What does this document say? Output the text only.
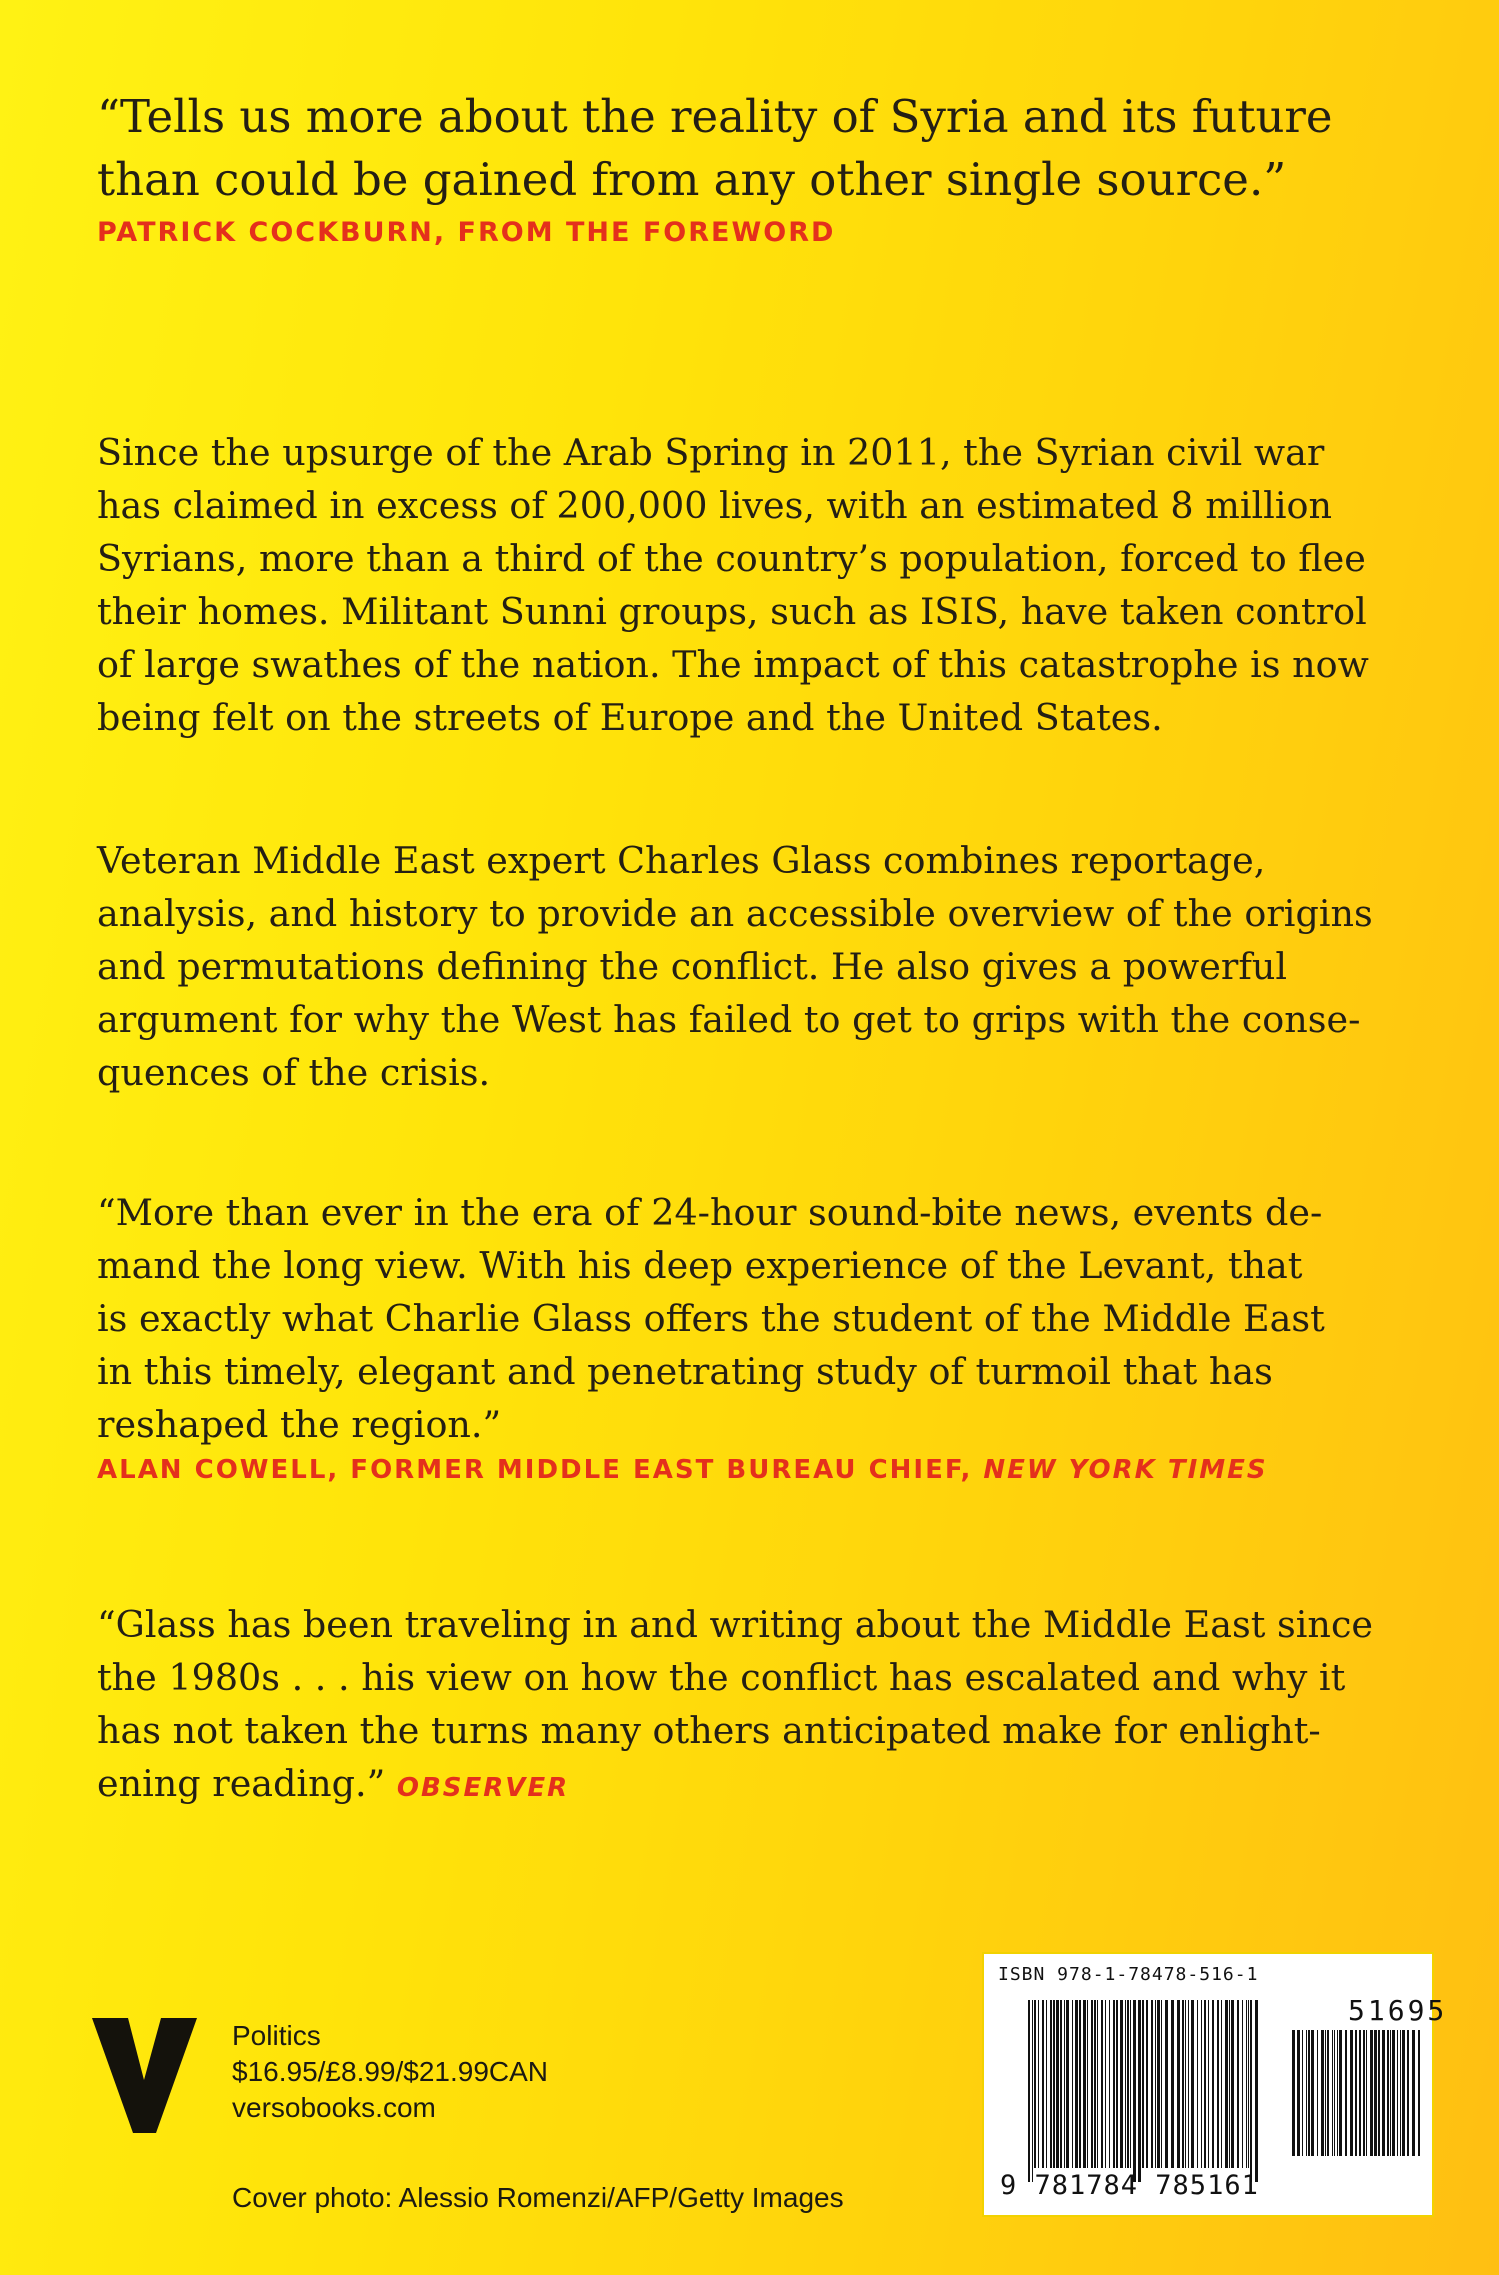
“Tells us more about the reality of Syria and its future
than could be gained from any other single source.”
PATRICK COCKBURN, FROM THE FOREWORD
Since the upsurge of the Arab Spring in 2011, the Syrian civil war
has claimed in excess of 200,000 lives, with an estimated 8 million
Syrians, more than a third of the country’s population, forced to flee
their homes. Militant Sunni groups, such as ISIS, have taken control
of large swathes of the nation. The impact of this catastrophe is now
being felt on the streets of Europe and the United States.
Veteran Middle East expert Charles Glass combines reportage,
analysis, and history to provide an accessible overview of the origins
and permutations defining the conflict. He also gives a powerful
argument for why the West has failed to get to grips with the conse-
quences of the crisis.
“More than ever in the era of 24-hour sound-bite news, events de-
mand the long view. With his deep experience of the Levant, that
is exactly what Charlie Glass offers the student of the Middle East
in this timely, elegant and penetrating study of turmoil that has
reshaped the region.”
ALAN COWELL, FORMER MIDDLE EAST BUREAU CHIEF, NEW YORK TIMES
“Glass has been traveling in and writing about the Middle East since
the 1980s . . . his view on how the conflict has escalated and why it
has not taken the turns many others anticipated make for enlight-
ening reading.” OBSERVER
Politics
$16.95/£8.99/$21.99CAN
versobooks.com
Cover photo: Alessio Romenzi/AFP/Getty Images
ISBN 978-1-78478-516-1
51695
9 781784 785161
